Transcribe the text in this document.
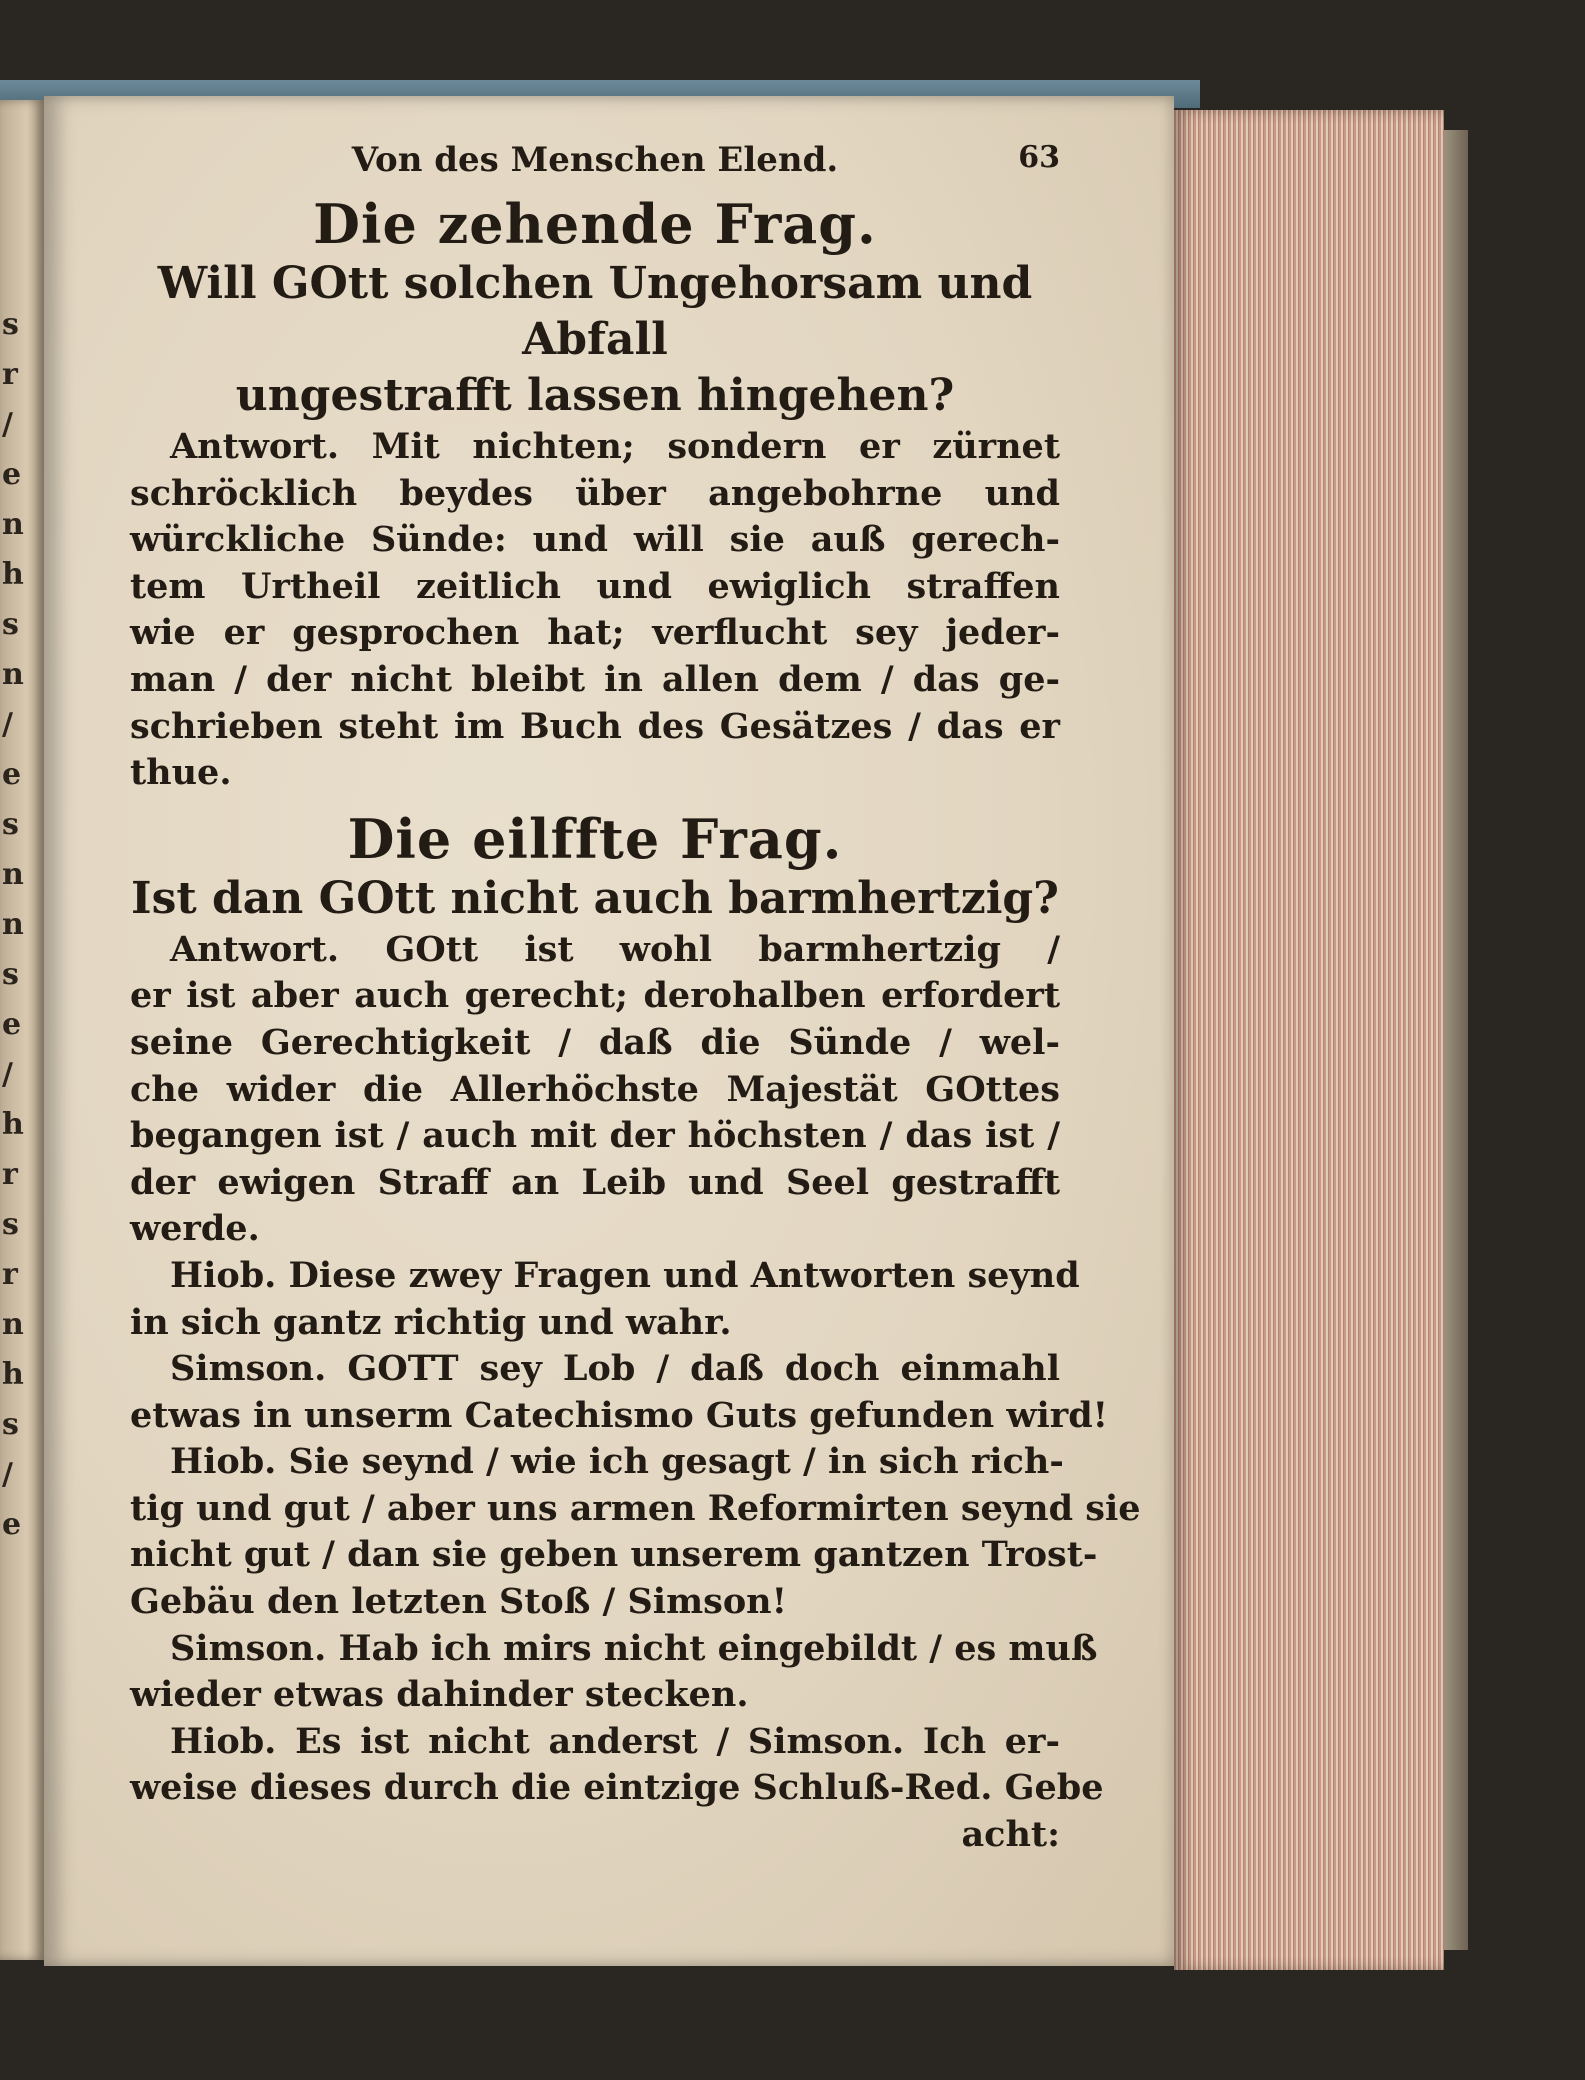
s
r
/
e
n
h
s
n
/
e
s
n
n
s
e
/
h
r
s
r
n
h
s
/
e
Von des Menschen Elend.	63
Die zehende Frag.
Will GOtt solchen Ungehorsam und Abfall
ungestrafft lassen hingehen?
Antwort. Mit nichten; sondern er zürnet
schröcklich beydes über angebohrne und
würckliche Sünde: und will sie auß gerech-
tem Urtheil zeitlich und ewiglich straffen
wie er gesprochen hat; verflucht sey jeder-
man / der nicht bleibt in allen dem / das ge-
schrieben steht im Buch des Gesätzes / das er
thue.
Die eilffte Frag.
Ist dan GOtt nicht auch barmhertzig?
Antwort. GOtt ist wohl barmhertzig /
er ist aber auch gerecht; derohalben erfordert
seine Gerechtigkeit / daß die Sünde / wel-
che wider die Allerhöchste Majestät GOttes
begangen ist / auch mit der höchsten / das ist /
der ewigen Straff an Leib und Seel gestrafft
werde.
Hiob. Diese zwey Fragen und Antworten seynd
in sich gantz richtig und wahr.
Simson. GOTT sey Lob / daß doch einmahl
etwas in unserm Catechismo Guts gefunden wird!
Hiob. Sie seynd / wie ich gesagt / in sich rich-
tig und gut / aber uns armen Reformirten seynd sie
nicht gut / dan sie geben unserem gantzen Trost-
Gebäu den letzten Stoß / Simson!
Simson. Hab ich mirs nicht eingebildt / es muß
wieder etwas dahinder stecken.
Hiob. Es ist nicht anderst / Simson. Ich er-
weise dieses durch die eintzige Schluß-Red. Gebe
acht:
